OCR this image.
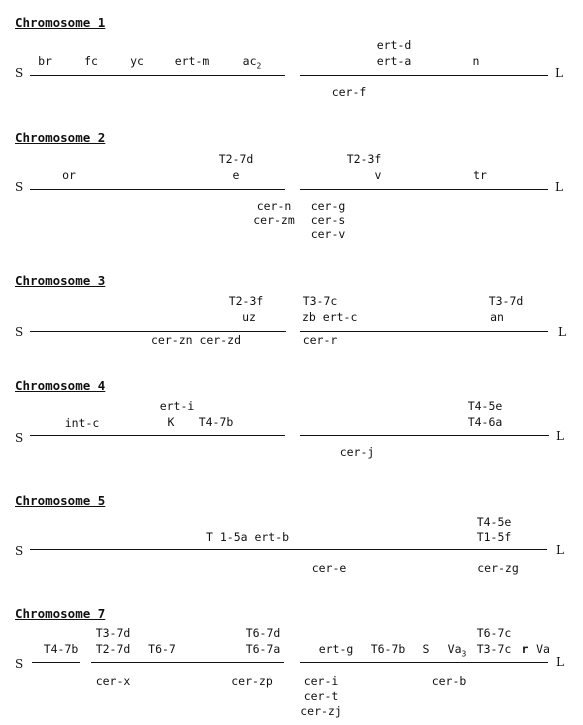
Chromosome 1
S	L
br	fc	yc	ert-m	$ac_2$
ert-d
ert-a	n
cer-f
Chromosome 2
S	L
or
T2-7d
e
T2-3f
v	tr
cer-n
cer-zm
cer-g
cer-s
cer-v
Chromosome 3
S	L
T2-3f
uz
T3-7c
zb ert-c
T3-7d
an
cer-zn cer-zd	cer-r
Chromosome 4
S	L
int-c
ert-i
K T4-7b
T4-5e
T4-6a
cer-j
Chromosome 5
S	L
T 1-5a ert-b
T4-5e
T1-5f
cer-e	cer-zg
Chromosome 7
S	L
T4-7b
T3-7d
T2-7d T6-7
T6-7d
T6-7a	ert-g T6-7b S $Va_3$
T6-7c
T3-7c r Va
cer-x	cer-zp	cer-i
cer-t
cer-zj
cer-b
